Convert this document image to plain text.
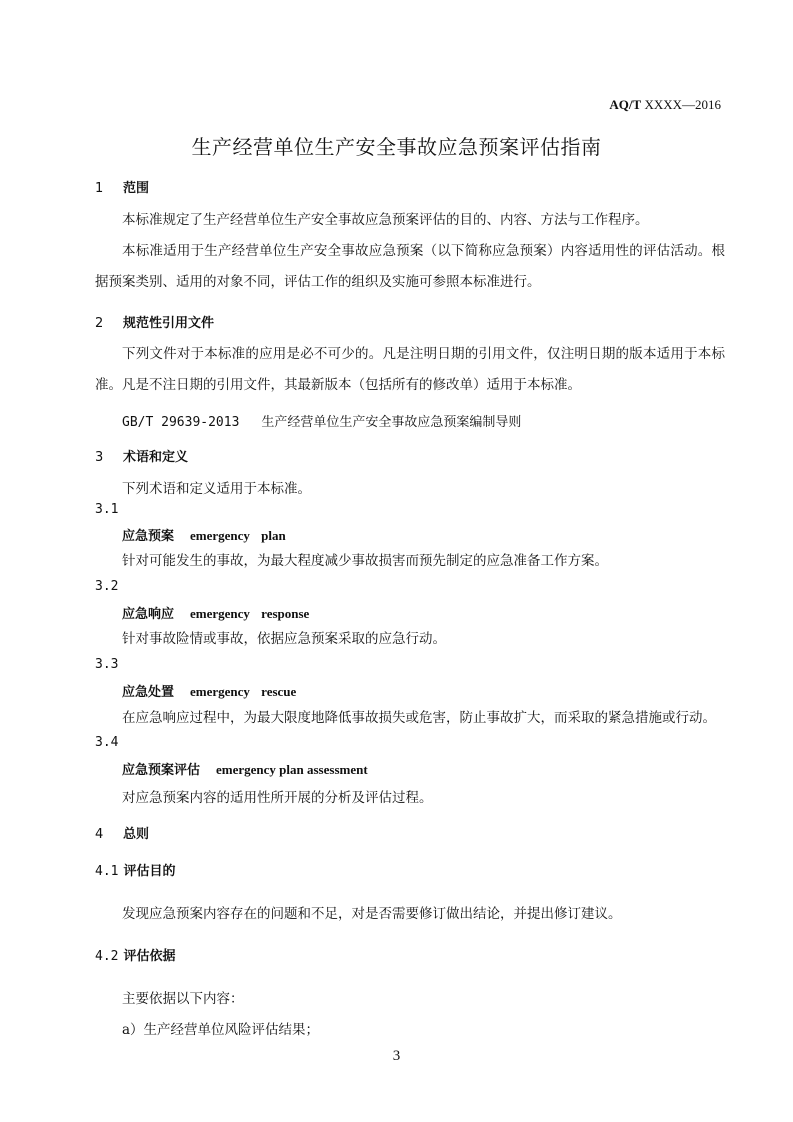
AQ/T XXXX—2016
生产经营单位生产安全事故应急预案评估指南
1 范围
本标准规定了生产经营单位生产安全事故应急预案评估的目的、内容、方法与工作程序。
本标准适用于生产经营单位生产安全事故应急预案（以下简称应急预案）内容适用性的评估活动。根据预案类别、适用的对象不同，评估工作的组织及实施可参照本标准进行。
2 规范性引用文件
下列文件对于本标准的应用是必不可少的。凡是注明日期的引用文件，仅注明日期的版本适用于本标准。凡是不注日期的引用文件，其最新版本（包括所有的修改单）适用于本标准。
GB/T 29639-2013 生产经营单位生产安全事故应急预案编制导则
3 术语和定义
下列术语和定义适用于本标准。
3.1
应急预案 emergency plan
针对可能发生的事故，为最大程度减少事故损害而预先制定的应急准备工作方案。
3.2
应急响应 emergency response
针对事故险情或事故，依据应急预案采取的应急行动。
3.3
应急处置 emergency rescue
在应急响应过程中，为最大限度地降低事故损失或危害，防止事故扩大，而采取的紧急措施或行动。
3.4
应急预案评估 emergency plan assessment
对应急预案内容的适用性所开展的分析及评估过程。
4 总则
4.1 评估目的
发现应急预案内容存在的问题和不足，对是否需要修订做出结论，并提出修订建议。
4.2 评估依据
主要依据以下内容：
a）生产经营单位风险评估结果；
3
